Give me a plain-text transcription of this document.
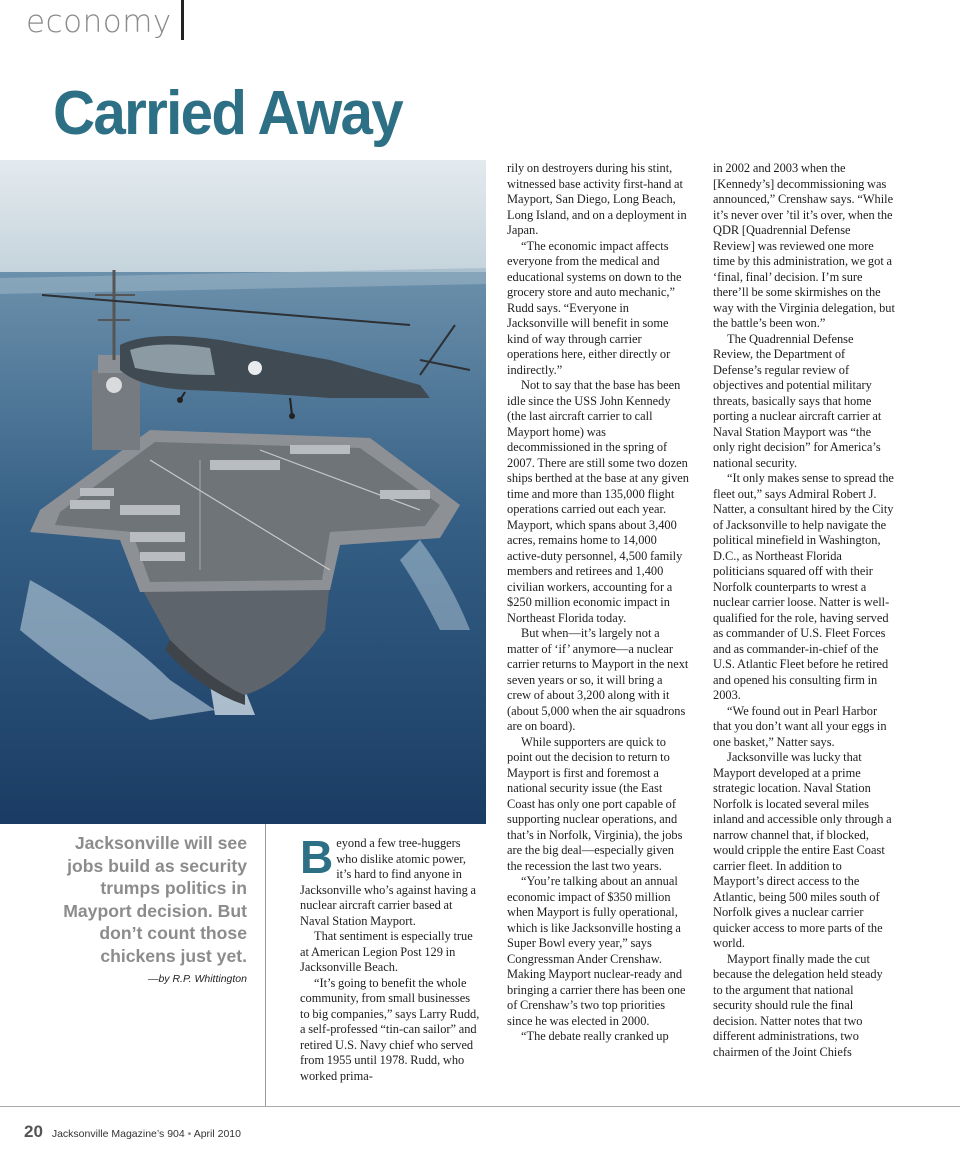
economy
Carried Away
Jacksonville will see jobs build as security trumps politics in Mayport decision. But don’t count those chickens just yet.
—by R.P. Whittington

Beyond a few tree-huggers who dislike atomic power, it’s hard to find anyone in Jacksonville who’s against having a nuclear aircraft carrier based at Naval Station Mayport.

That sentiment is especially true at American Legion Post 129 in Jacksonville Beach.

“It’s going to benefit the whole community, from small businesses to big companies,” says Larry Rudd, a self-professed “tin-can sailor” and retired U.S. Navy chief who served from 1955 until 1978. Rudd, who worked prima-

rily on destroyers during his stint, witnessed base activity first-hand at Mayport, San Diego, Long Beach, Long Island, and on a deployment in Japan.

“The economic impact affects everyone from the medical and educational systems on down to the grocery store and auto mechanic,” Rudd says. “Everyone in Jacksonville will benefit in some kind of way through carrier operations here, either directly or indirectly.”

Not to say that the base has been idle since the USS John Kennedy (the last aircraft carrier to call Mayport home) was decommissioned in the spring of 2007. There are still some two dozen ships berthed at the base at any given time and more than 135,000 flight operations carried out each year. Mayport, which spans about 3,400 acres, remains home to 14,000 active-duty personnel, 4,500 family members and retirees and 1,400 civilian workers, accounting for a $250 million economic impact in Northeast Florida today.

But when—it’s largely not a matter of ‘if’ anymore—a nuclear carrier returns to Mayport in the next seven years or so, it will bring a crew of about 3,200 along with it (about 5,000 when the air squadrons are on board).

While supporters are quick to point out the decision to return to Mayport is first and foremost a national security issue (the East Coast has only one port capable of supporting nuclear operations, and that’s in Norfolk, Virginia), the jobs are the big deal—especially given the recession the last two years.

“You’re talking about an annual economic impact of $350 million when Mayport is fully operational, which is like Jacksonville hosting a Super Bowl every year,” says Congressman Ander Crenshaw. Making Mayport nuclear-ready and bringing a carrier there has been one of Crenshaw’s two top priorities since he was elected in 2000.

“The debate really cranked up

in 2002 and 2003 when the [Kennedy’s] decommissioning was announced,” Crenshaw says. “While it’s never over ’til it’s over, when the QDR [Quadrennial Defense Review] was reviewed one more time by this administration, we got a ‘final, final’ decision. I’m sure there’ll be some skirmishes on the way with the Virginia delegation, but the battle’s been won.”

The Quadrennial Defense Review, the Department of Defense’s regular review of objectives and potential military threats, basically says that home porting a nuclear aircraft carrier at Naval Station Mayport was “the only right decision” for America’s national security.

“It only makes sense to spread the fleet out,” says Admiral Robert J. Natter, a consultant hired by the City of Jacksonville to help navigate the political minefield in Washington, D.C., as Northeast Florida politicians squared off with their Norfolk counterparts to wrest a nuclear carrier loose. Natter is well-qualified for the role, having served as commander of U.S. Fleet Forces and as commander-in-chief of the U.S. Atlantic Fleet before he retired and opened his consulting firm in 2003.

“We found out in Pearl Harbor that you don’t want all your eggs in one basket,” Natter says.

Jacksonville was lucky that Mayport developed at a prime strategic location. Naval Station Norfolk is located several miles inland and accessible only through a narrow channel that, if blocked, would cripple the entire East Coast carrier fleet. In addition to Mayport’s direct access to the Atlantic, being 500 miles south of Norfolk gives a nuclear carrier quicker access to more parts of the world.

Mayport finally made the cut because the delegation held steady to the argument that national security should rule the final decision. Natter notes that two different administrations, two chairmen of the Joint Chiefs

20 Jacksonville Magazine’s 904 • April 2010
